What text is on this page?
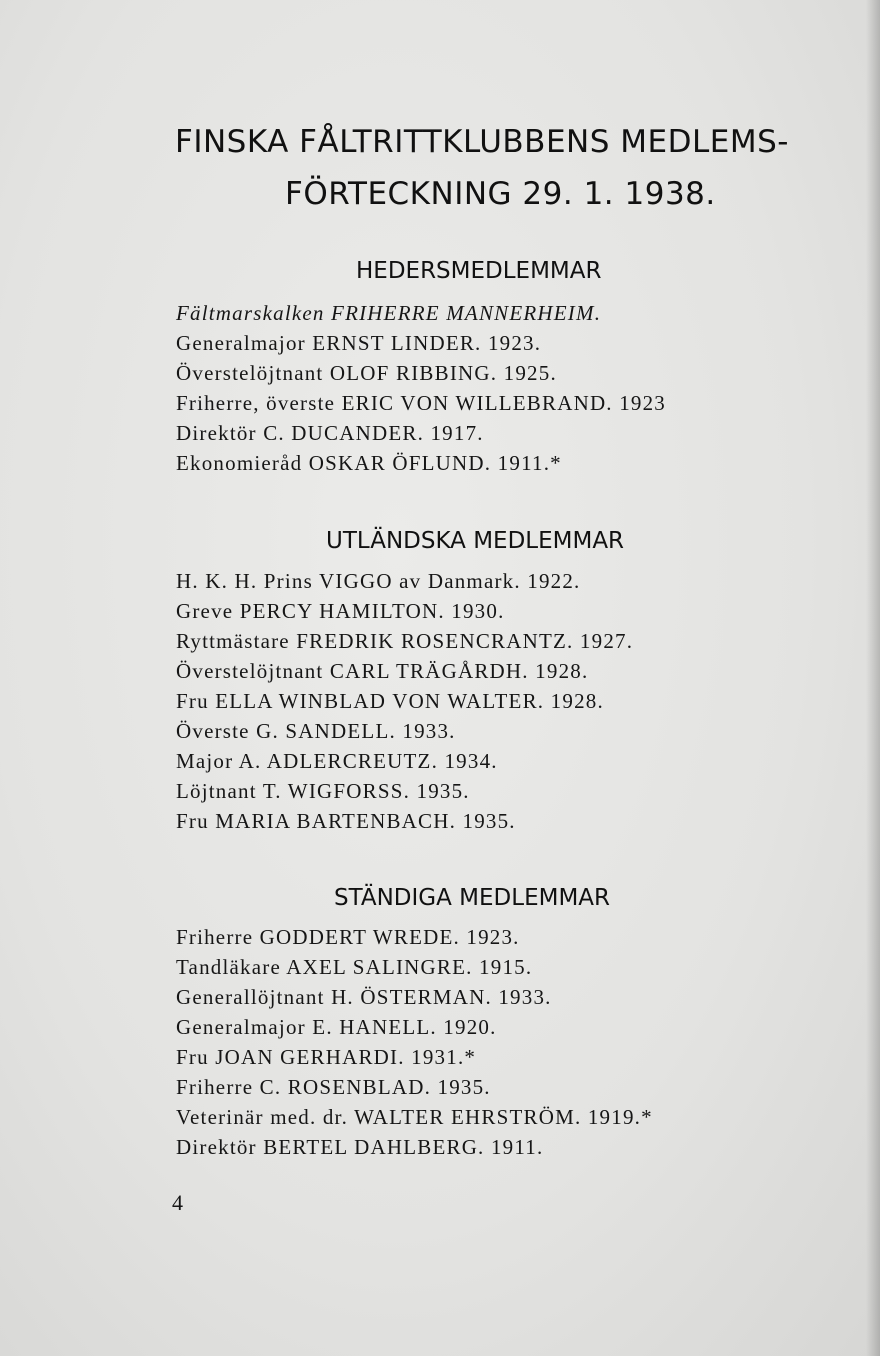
FINSKA FÅLTRITTKLUBBENS MEDLEMS-
FÖRTECKNING 29. 1. 1938.
HEDERSMEDLEMMAR
Fältmarskalken FRIHERRE MANNERHEIM.
Generalmajor ERNST LINDER. 1923.
Överstelöjtnant OLOF RIBBING. 1925.
Friherre, överste ERIC VON WILLEBRAND. 1923
Direktör C. DUCANDER. 1917.
Ekonomieråd OSKAR ÖFLUND. 1911.*
UTLÄNDSKA MEDLEMMAR
H. K. H. Prins VIGGO av Danmark. 1922.
Greve PERCY HAMILTON. 1930.
Ryttmästare FREDRIK ROSENCRANTZ. 1927.
Överstelöjtnant CARL TRÄGÅRDH. 1928.
Fru ELLA WINBLAD VON WALTER. 1928.
Överste G. SANDELL. 1933.
Major A. ADLERCREUTZ. 1934.
Löjtnant T. WIGFORSS. 1935.
Fru MARIA BARTENBACH. 1935.
STÄNDIGA MEDLEMMAR
Friherre GODDERT WREDE. 1923.
Tandläkare AXEL SALINGRE. 1915.
Generallöjtnant H. ÖSTERMAN. 1933.
Generalmajor E. HANELL. 1920.
Fru JOAN GERHARDI. 1931.*
Friherre C. ROSENBLAD. 1935.
Veterinär med. dr. WALTER EHRSTRÖM. 1919.*
Direktör BERTEL DAHLBERG. 1911.
4
